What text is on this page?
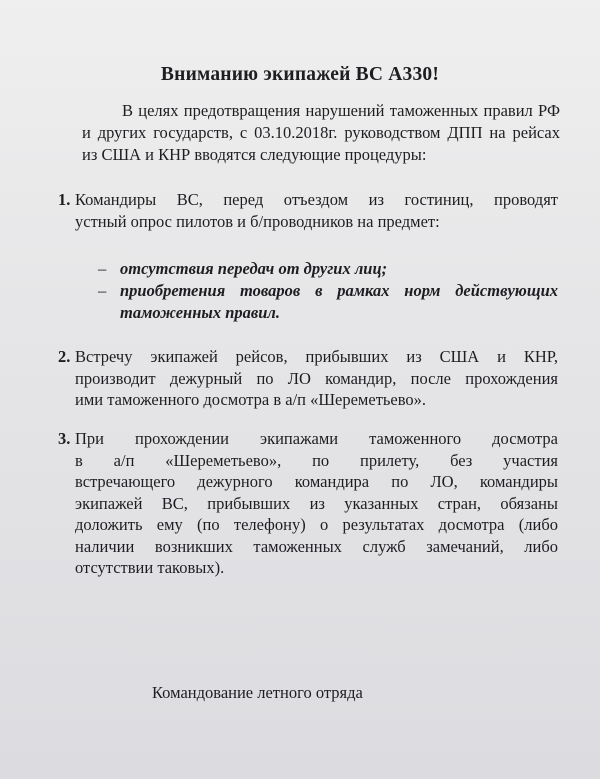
Вниманию экипажей ВС А330!
В целях предотвращения нарушений таможенных правил РФ
и других государств, с 03.10.2018г. руководством ДПП на рейсах
из США и КНР вводятся следующие процедуры:
1. Командиры ВС, перед отъездом из гостиниц, проводят
устный опрос пилотов и б/проводников на предмет:
– отсутствия передач от других лиц;
– приобретения товаров в рамках норм действующих
таможенных правил.
2. Встречу экипажей рейсов, прибывших из США и КНР,
производит дежурный по ЛО командир, после прохождения
ими таможенного досмотра в а/п «Шереметьево».
3. При прохождении экипажами таможенного досмотра
в а/п «Шереметьево», по прилету, без участия
встречающего дежурного командира по ЛО, командиры
экипажей ВС, прибывших из указанных стран, обязаны
доложить ему (по телефону) о результатах досмотра (либо
наличии возникших таможенных служб замечаний, либо
отсутствии таковых).
Командование летного отряда
